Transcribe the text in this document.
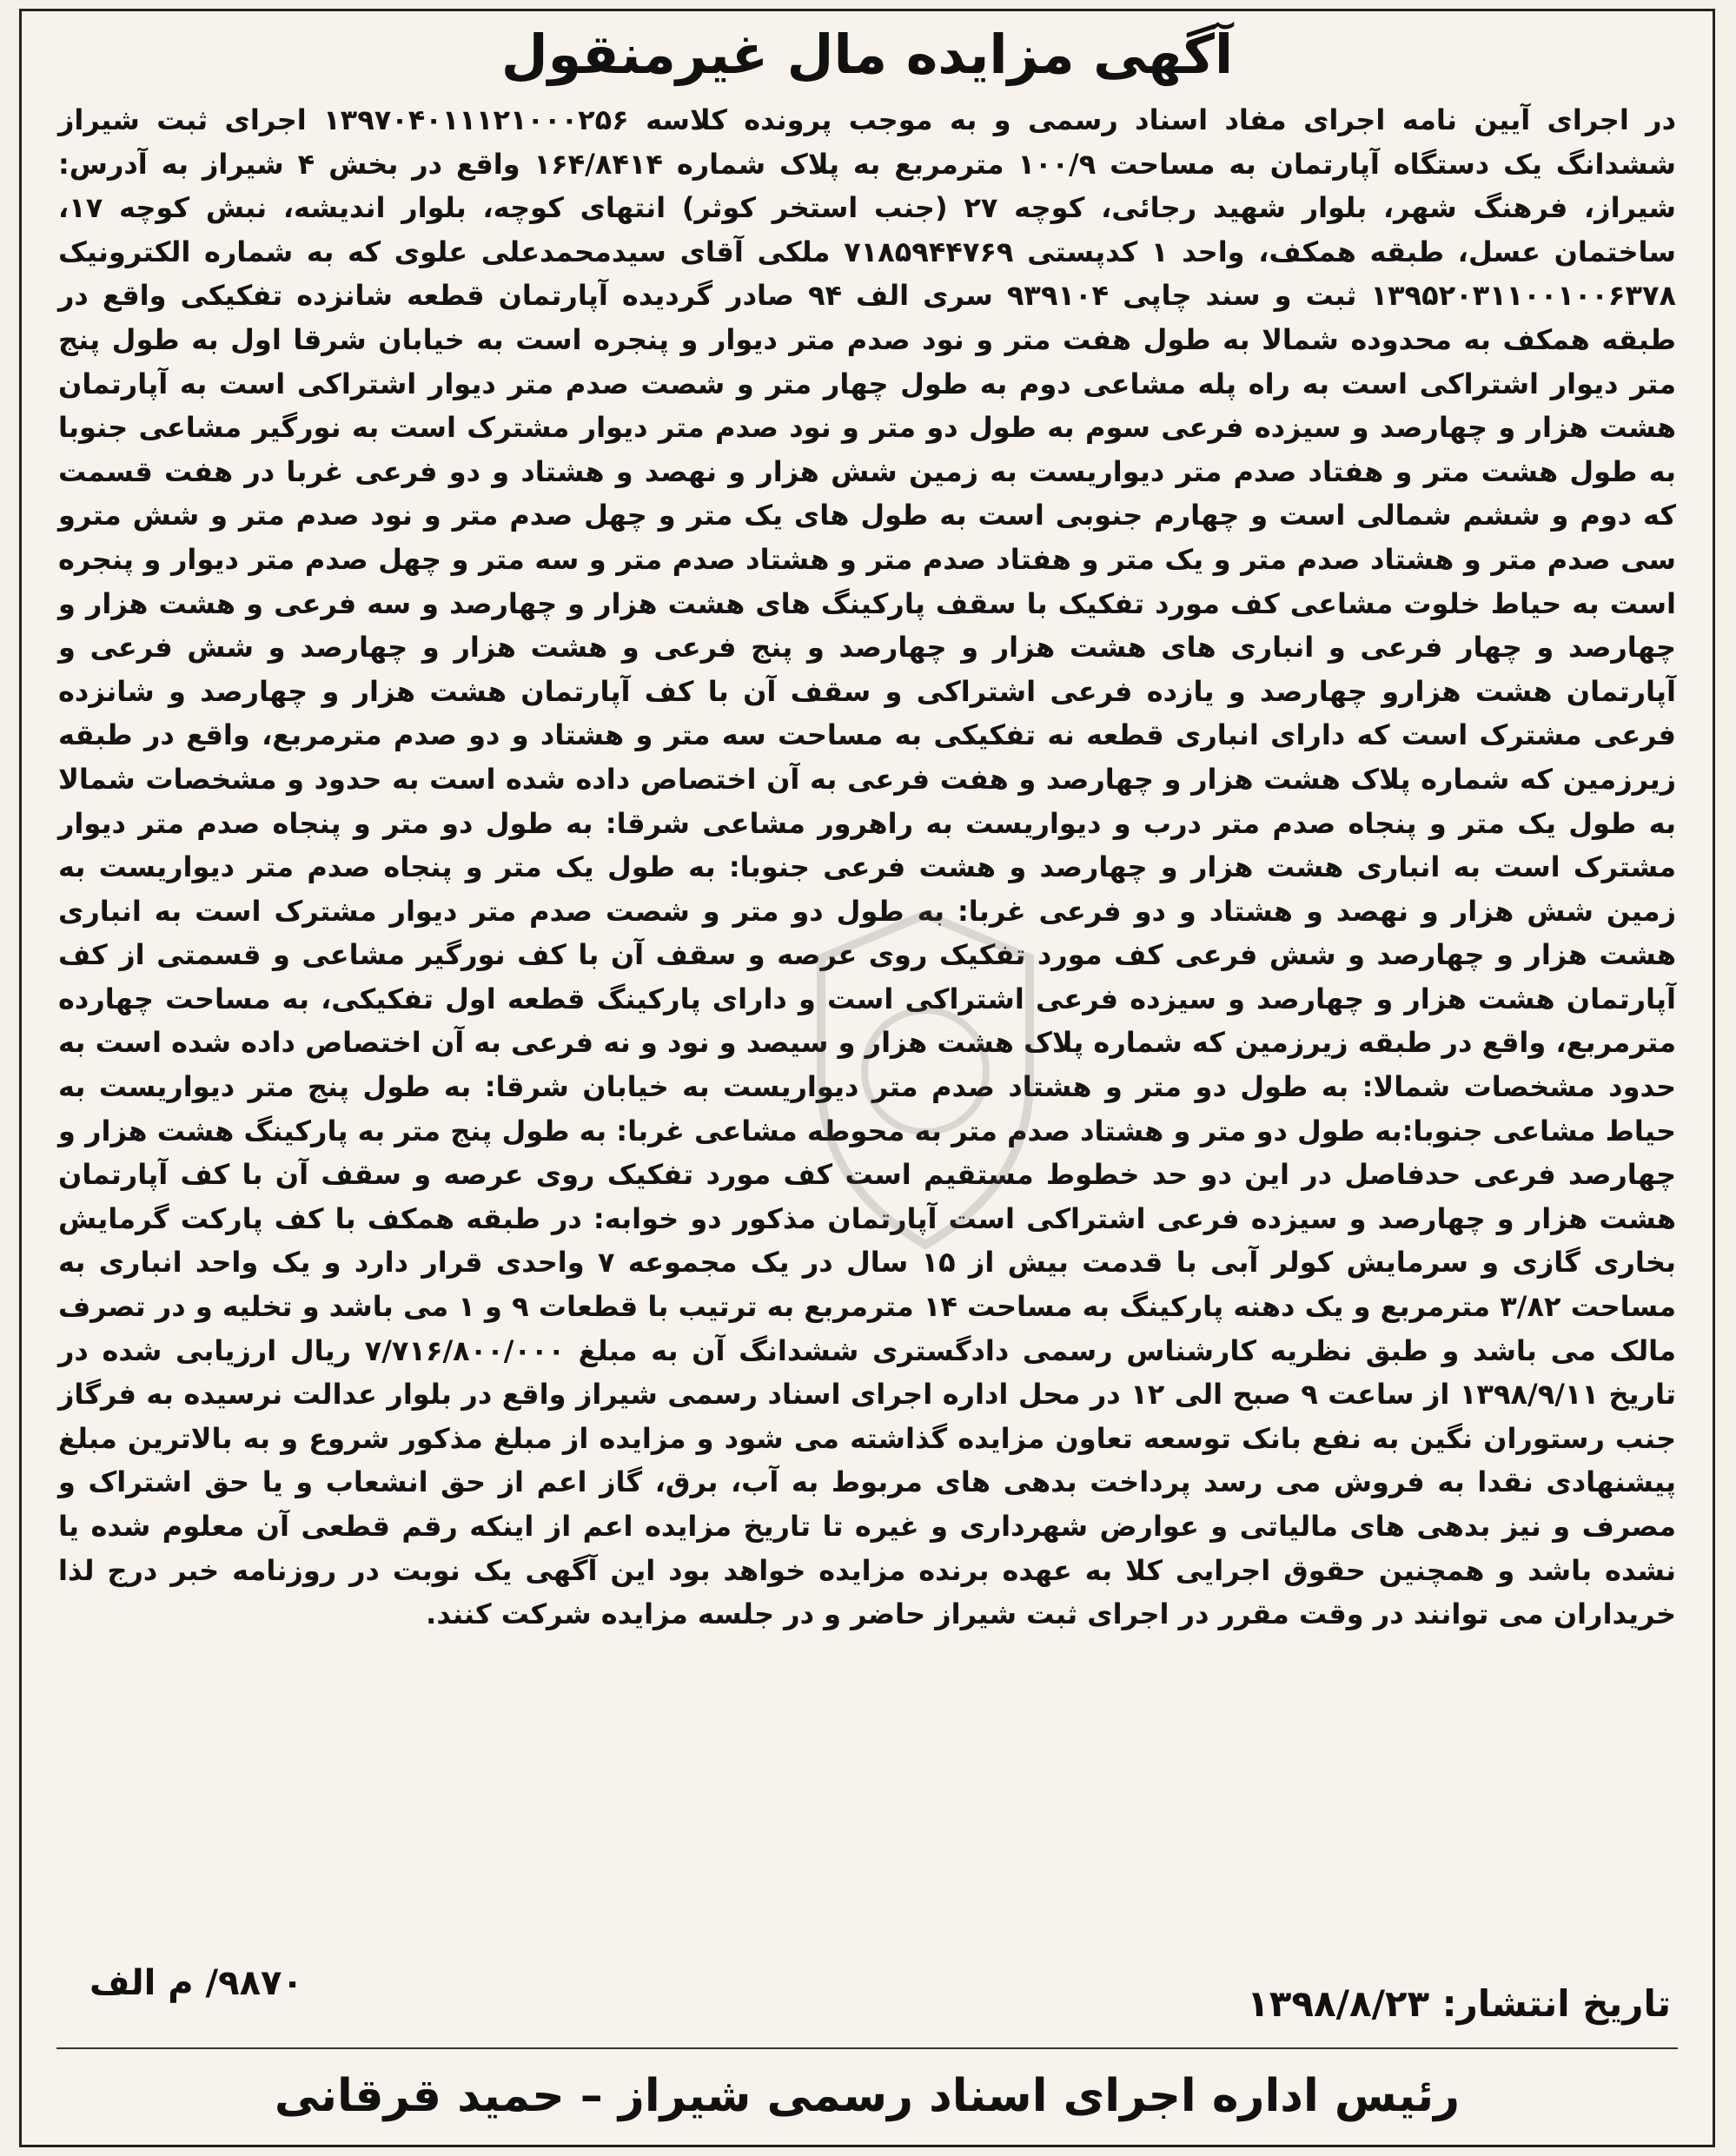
آگهی مزایده مال غیرمنقول

در اجرای آیین نامه اجرای مفاد اسناد رسمی و به موجب پرونده کلاسه ۱۳۹۷۰۴۰۱۱۱۲۱۰۰۰۲۵۶ اجرای ثبت شیراز ششدانگ یک دستگاه آپارتمان به مساحت ۱۰۰/۹ مترمربع به پلاک شماره ۱۶۴/۸۴۱۴ واقع در بخش ۴ شیراز به آدرس: شیراز، فرهنگ شهر، بلوار شهید رجائی، کوچه ۲۷ (جنب استخر کوثر) انتهای کوچه، بلوار اندیشه، نبش کوچه ۱۷، ساختمان عسل، طبقه همکف، واحد ۱ کدپستی ۷۱۸۵۹۴۴۷۶۹ ملکی آقای سیدمحمدعلی علوی که به شماره الکترونیک ۱۳۹۵۲۰۳۱۱۰۰۱۰۰۶۳۷۸ ثبت و سند چاپی ۹۳۹۱۰۴ سری الف ۹۴ صادر گردیده آپارتمان قطعه شانزده تفکیکی واقع در طبقه همکف به محدوده شمالا به طول هفت متر و نود صدم متر دیوار و پنجره است به خیابان شرقا اول به طول پنج متر دیوار اشتراکی است به راه پله مشاعی دوم به طول چهار متر و شصت صدم متر دیوار اشتراکی است به آپارتمان هشت هزار و چهارصد و سیزده فرعی سوم به طول دو متر و نود صدم متر دیوار مشترک است به نورگیر مشاعی جنوبا به طول هشت متر و هفتاد صدم متر دیواریست به زمین شش هزار و نهصد و هشتاد و دو فرعی غربا در هفت قسمت که دوم و ششم شمالی است و چهارم جنوبی است به طول های یک متر و چهل صدم متر و نود صدم متر و شش مترو سی صدم متر و هشتاد صدم متر و یک متر و هفتاد صدم متر و هشتاد صدم متر و سه متر و چهل صدم متر دیوار و پنجره است به حیاط خلوت مشاعی کف مورد تفکیک با سقف پارکینگ های هشت هزار و چهارصد و سه فرعی و هشت هزار و چهارصد و چهار فرعی و انباری های هشت هزار و چهارصد و پنج فرعی و هشت هزار و چهارصد و شش فرعی و آپارتمان هشت هزارو چهارصد و یازده فرعی اشتراکی و سقف آن با کف آپارتمان هشت هزار و چهارصد و شانزده فرعی مشترک است که دارای انباری قطعه نه تفکیکی به مساحت سه متر و هشتاد و دو صدم مترمربع، واقع در طبقه زیرزمین که شماره پلاک هشت هزار و چهارصد و هفت فرعی به آن اختصاص داده شده است به حدود و مشخصات شمالا به طول یک متر و پنجاه صدم متر درب و دیواریست به راهرور مشاعی شرقا: به طول دو متر و پنجاه صدم متر دیوار مشترک است به انباری هشت هزار و چهارصد و هشت فرعی جنوبا: به طول یک متر و پنجاه صدم متر دیواریست به زمین شش هزار و نهصد و هشتاد و دو فرعی غربا: به طول دو متر و شصت صدم متر دیوار مشترک است به انباری هشت هزار و چهارصد و شش فرعی کف مورد تفکیک روی عرصه و سقف آن با کف نورگیر مشاعی و قسمتی از کف آپارتمان هشت هزار و چهارصد و سیزده فرعی اشتراکی است و دارای پارکینگ قطعه اول تفکیکی، به مساحت چهارده مترمربع، واقع در طبقه زیرزمین که شماره پلاک هشت هزار و سیصد و نود و نه فرعی به آن اختصاص داده شده است به حدود مشخصات شمالا: به طول دو متر و هشتاد صدم متر دیواریست به خیابان شرقا: به طول پنج متر دیواریست به حیاط مشاعی جنوبا:به طول دو متر و هشتاد صدم متر به محوطه مشاعی غربا: به طول پنج متر به پارکینگ هشت هزار و چهارصد فرعی حدفاصل در این دو حد خطوط مستقیم است کف مورد تفکیک روی عرصه و سقف آن با کف آپارتمان هشت هزار و چهارصد و سیزده فرعی اشتراکی است آپارتمان مذکور دو خوابه: در طبقه همکف با کف پارکت گرمایش بخاری گازی و سرمایش کولر آبی با قدمت بیش از ۱۵ سال در یک مجموعه ۷ واحدی قرار دارد و یک واحد انباری به مساحت ۳/۸۲ مترمربع و یک دهنه پارکینگ به مساحت ۱۴ مترمربع به ترتیب با قطعات ۹ و ۱ می باشد و تخلیه و در تصرف مالک می باشد و طبق نظریه کارشناس رسمی دادگستری ششدانگ آن به مبلغ ۷/۷۱۶/۸۰۰/۰۰۰ ریال ارزیابی شده در تاریخ ۱۳۹۸/۹/۱۱ از ساعت ۹ صبح الی ۱۲ در محل اداره اجرای اسناد رسمی شیراز واقع در بلوار عدالت نرسیده به فرگاز جنب رستوران نگین به نفع بانک توسعه تعاون مزایده گذاشته می شود و مزایده از مبلغ مذکور شروع و به بالاترین مبلغ پیشنهادی نقدا به فروش می رسد پرداخت بدهی های مربوط به آب، برق، گاز اعم از حق انشعاب و یا حق اشتراک و مصرف و نیز بدهی های مالیاتی و عوارض شهرداری و غیره تا تاریخ مزایده اعم از اینکه رقم قطعی آن معلوم شده یا نشده باشد و همچنین حقوق اجرایی کلا به عهده برنده مزایده خواهد بود این آگهی یک نوبت در روزنامه خبر درج لذا خریداران می توانند در وقت مقرر در اجرای ثبت شیراز حاضر و در جلسه مزایده شرکت کنند.

تاریخ انتشار: ۱۳۹۸/۸/۲۳
۹۸۷۰/ م الف
رئیس اداره اجرای اسناد رسمی شیراز – حمید قرقانی
